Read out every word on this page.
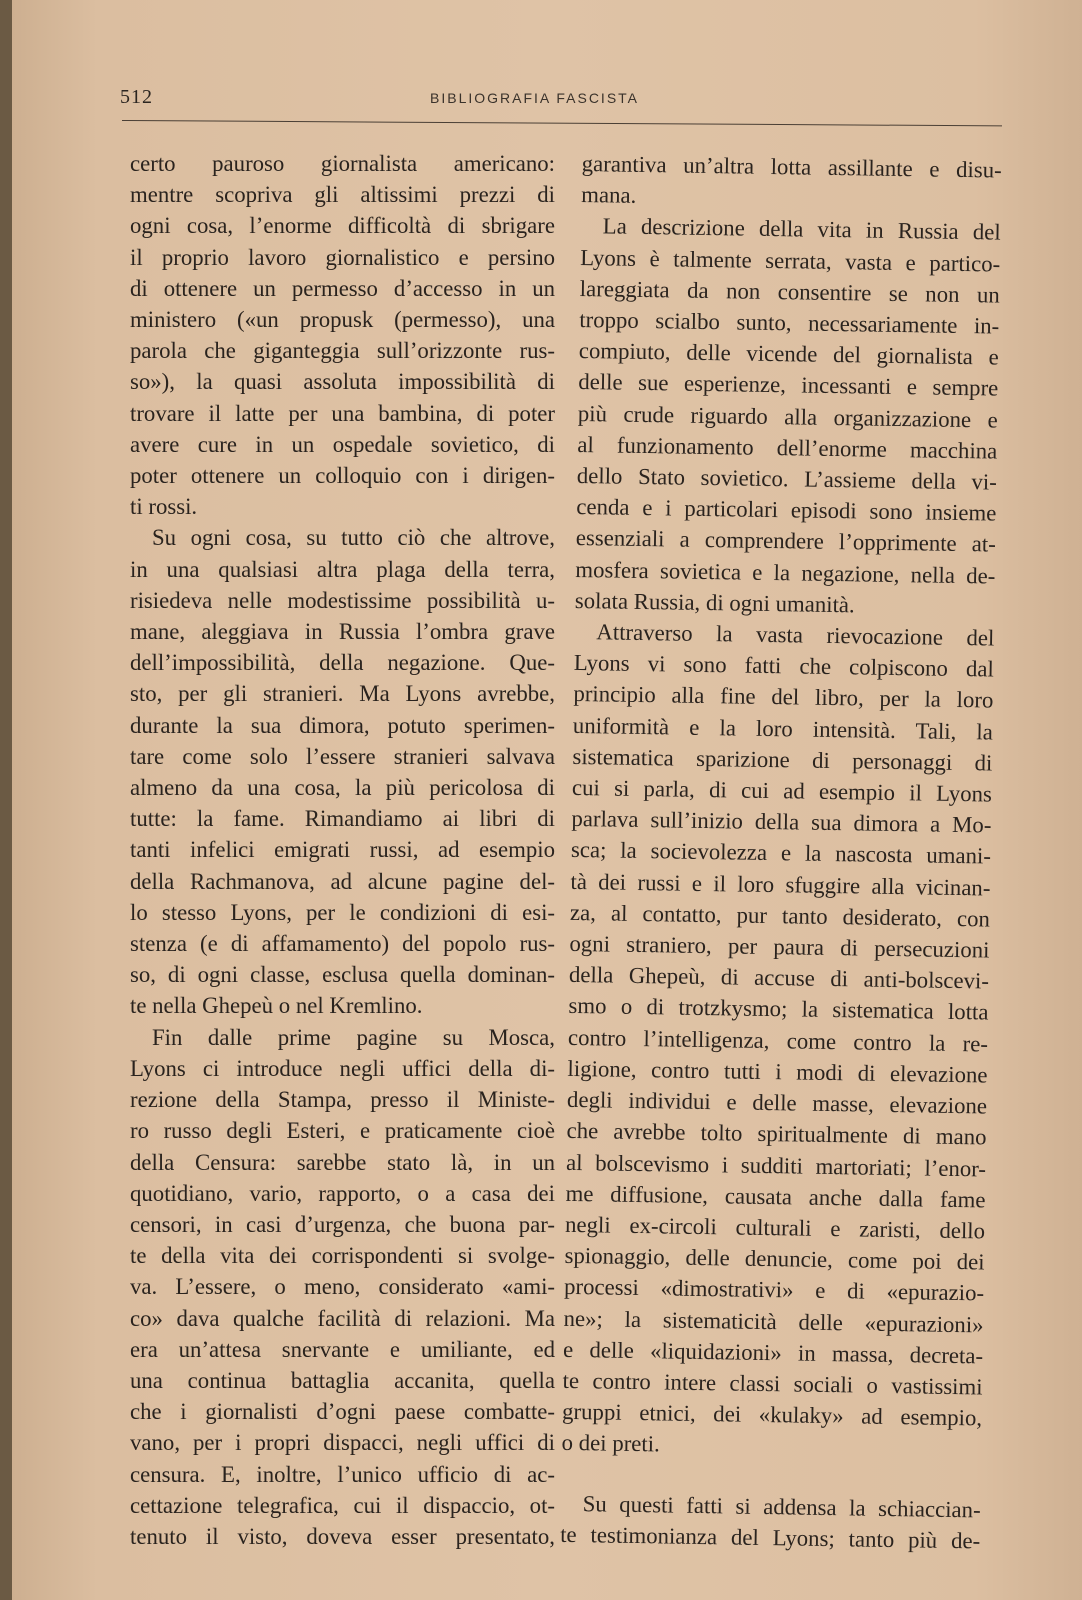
512	BIBLIOGRAFIA FASCISTA
certo pauroso giornalista americano:
mentre scopriva gli altissimi prezzi di
ogni cosa, l’enorme difficoltà di sbrigare
il proprio lavoro giornalistico e persino
di ottenere un permesso d’accesso in un
ministero («un propusk (permesso), una
parola che giganteggia sull’orizzonte rus-
so»), la quasi assoluta impossibilità di
trovare il latte per una bambina, di poter
avere cure in un ospedale sovietico, di
poter ottenere un colloquio con i dirigen-
ti rossi.
Su ogni cosa, su tutto ciò che altrove,
in una qualsiasi altra plaga della terra,
risiedeva nelle modestissime possibilità u-
mane, aleggiava in Russia l’ombra grave
dell’impossibilità, della negazione. Que-
sto, per gli stranieri. Ma Lyons avrebbe,
durante la sua dimora, potuto sperimen-
tare come solo l’essere stranieri salvava
almeno da una cosa, la più pericolosa di
tutte: la fame. Rimandiamo ai libri di
tanti infelici emigrati russi, ad esempio
della Rachmanova, ad alcune pagine del-
lo stesso Lyons, per le condizioni di esi-
stenza (e di affamamento) del popolo rus-
so, di ogni classe, esclusa quella dominan-
te nella Ghepeù o nel Kremlino.
Fin dalle prime pagine su Mosca,
Lyons ci introduce negli uffici della di-
rezione della Stampa, presso il Ministe-
ro russo degli Esteri, e praticamente cioè
della Censura: sarebbe stato là, in un
quotidiano, vario, rapporto, o a casa dei
censori, in casi d’urgenza, che buona par-
te della vita dei corrispondenti si svolge-
va. L’essere, o meno, considerato «ami-
co» dava qualche facilità di relazioni. Ma
era un’attesa snervante e umiliante, ed
una continua battaglia accanita, quella
che i giornalisti d’ogni paese combatte-
vano, per i propri dispacci, negli uffici di
censura. E, inoltre, l’unico ufficio di ac-
cettazione telegrafica, cui il dispaccio, ot-
tenuto il visto, doveva esser presentato,
garantiva un’altra lotta assillante e disu-
mana.
La descrizione della vita in Russia del
Lyons è talmente serrata, vasta e partico-
lareggiata da non consentire se non un
troppo scialbo sunto, necessariamente in-
compiuto, delle vicende del giornalista e
delle sue esperienze, incessanti e sempre
più crude riguardo alla organizzazione e
al funzionamento dell’enorme macchina
dello Stato sovietico. L’assieme della vi-
cenda e i particolari episodi sono insieme
essenziali a comprendere l’opprimente at-
mosfera sovietica e la negazione, nella de-
solata Russia, di ogni umanità.
Attraverso la vasta rievocazione del
Lyons vi sono fatti che colpiscono dal
principio alla fine del libro, per la loro
uniformità e la loro intensità. Tali, la
sistematica sparizione di personaggi di
cui si parla, di cui ad esempio il Lyons
parlava sull’inizio della sua dimora a Mo-
sca; la socievolezza e la nascosta umani-
tà dei russi e il loro sfuggire alla vicinan-
za, al contatto, pur tanto desiderato, con
ogni straniero, per paura di persecuzioni
della Ghepeù, di accuse di anti-bolscevi-
smo o di trotzkysmo; la sistematica lotta
contro l’intelligenza, come contro la re-
ligione, contro tutti i modi di elevazione
degli individui e delle masse, elevazione
che avrebbe tolto spiritualmente di mano
al bolscevismo i sudditi martoriati; l’enor-
me diffusione, causata anche dalla fame
negli ex-circoli culturali e zaristi, dello
spionaggio, delle denuncie, come poi dei
processi «dimostrativi» e di «epurazio-
ne»; la sistematicità delle «epurazioni»
e delle «liquidazioni» in massa, decreta-
te contro intere classi sociali o vastissimi
gruppi etnici, dei «kulaky» ad esempio,
o dei preti.
Su questi fatti si addensa la schiaccian-
te testimonianza del Lyons; tanto più de-
